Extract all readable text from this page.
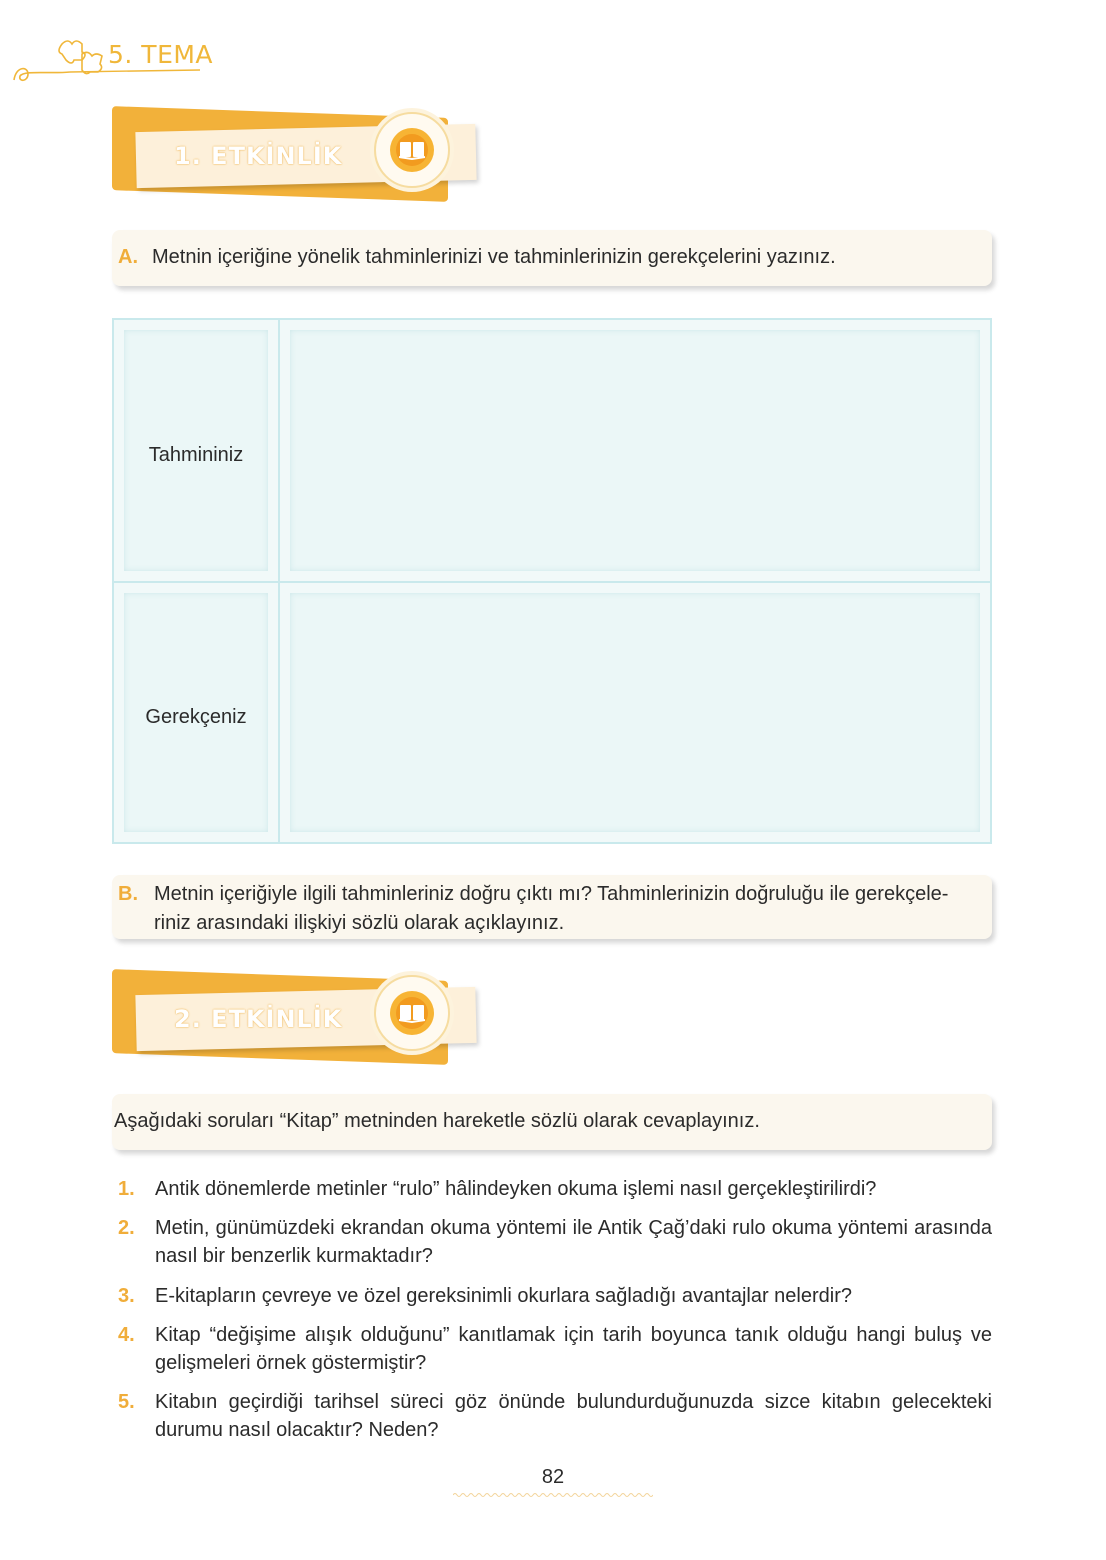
5. TEMA
1. ETKİNLİK
A. Metnin içeriğine yönelik tahminlerinizi ve tahminlerinizin gerekçelerini yazınız.
Tahmininiz
Gerekçeniz
B. Metnin içeriğiyle ilgili tahminleriniz doğru çıktı mı? Tahminlerinizin doğruluğu ile gerekçele-
riniz arasındaki ilişkiyi sözlü olarak açıklayınız.
2. ETKİNLİK
Aşağıdaki soruları “Kitap” metninden hareketle sözlü olarak cevaplayınız.
1. Antik dönemlerde metinler “rulo” hâlindeyken okuma işlemi nasıl gerçekleştirilirdi?
2. Metin, günümüzdeki ekrandan okuma yöntemi ile Antik Çağ’daki rulo okuma yöntemi arasında nasıl bir benzerlik kurmaktadır?
3. E-kitapların çevreye ve özel gereksinimli okurlara sağladığı avantajlar nelerdir?
4. Kitap “değişime alışık olduğunu” kanıtlamak için tarih boyunca tanık olduğu hangi buluş ve gelişmeleri örnek göstermiştir?
5. Kitabın geçirdiği tarihsel süreci göz önünde bulundurduğunuzda sizce kitabın gelecekteki durumu nasıl olacaktır? Neden?
82
